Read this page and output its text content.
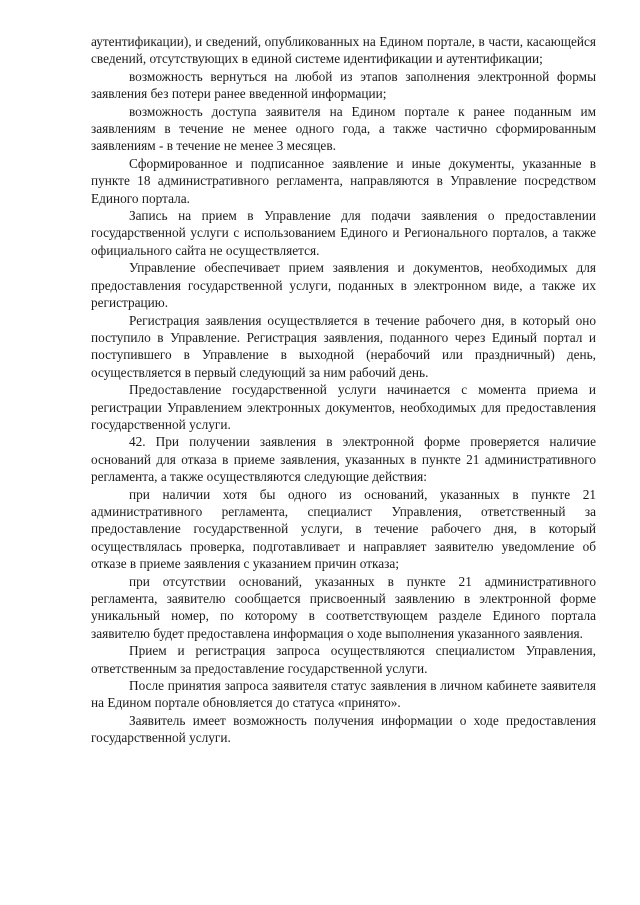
аутентификации), и сведений, опубликованных на Едином портале, в части, касающейся сведений, отсутствующих в единой системе идентификации и аутентификации;

возможность вернуться на любой из этапов заполнения электронной формы заявления без потери ранее введенной информации;

возможность доступа заявителя на Едином портале к ранее поданным им заявлениям в течение не менее одного года, а также частично сформированным заявлениям - в течение не менее 3 месяцев.

Сформированное и подписанное заявление и иные документы, указанные в пункте 18 административного регламента, направляются в Управление посредством Единого портала.

Запись на прием в Управление для подачи заявления о предоставлении государственной услуги с использованием Единого и Регионального порталов, а также официального сайта не осуществляется.

Управление обеспечивает прием заявления и документов, необходимых для предоставления государственной услуги, поданных в электронном виде, а также их регистрацию.

Регистрация заявления осуществляется в течение рабочего дня, в который оно поступило в Управление. Регистрация заявления, поданного через Единый портал и поступившего в Управление в выходной (нерабочий или праздничный) день, осуществляется в первый следующий за ним рабочий день.

Предоставление государственной услуги начинается с момента приема и регистрации Управлением электронных документов, необходимых для предоставления государственной услуги.

42. При получении заявления в электронной форме проверяется наличие оснований для отказа в приеме заявления, указанных в пункте 21 административного регламента, а также осуществляются следующие действия:

при наличии хотя бы одного из оснований, указанных в пункте 21 административного регламента, специалист Управления, ответственный за предоставление государственной услуги, в течение рабочего дня, в который осуществлялась проверка, подготавливает и направляет заявителю уведомление об отказе в приеме заявления с указанием причин отказа;

при отсутствии оснований, указанных в пункте 21 административного регламента, заявителю сообщается присвоенный заявлению в электронной форме уникальный номер, по которому в соответствующем разделе Единого портала заявителю будет предоставлена информация о ходе выполнения указанного заявления.

Прием и регистрация запроса осуществляются специалистом Управления, ответственным за предоставление государственной услуги.

После принятия запроса заявителя статус заявления в личном кабинете заявителя на Едином портале обновляется до статуса «принято».

Заявитель имеет возможность получения информации о ходе предоставления государственной услуги.
